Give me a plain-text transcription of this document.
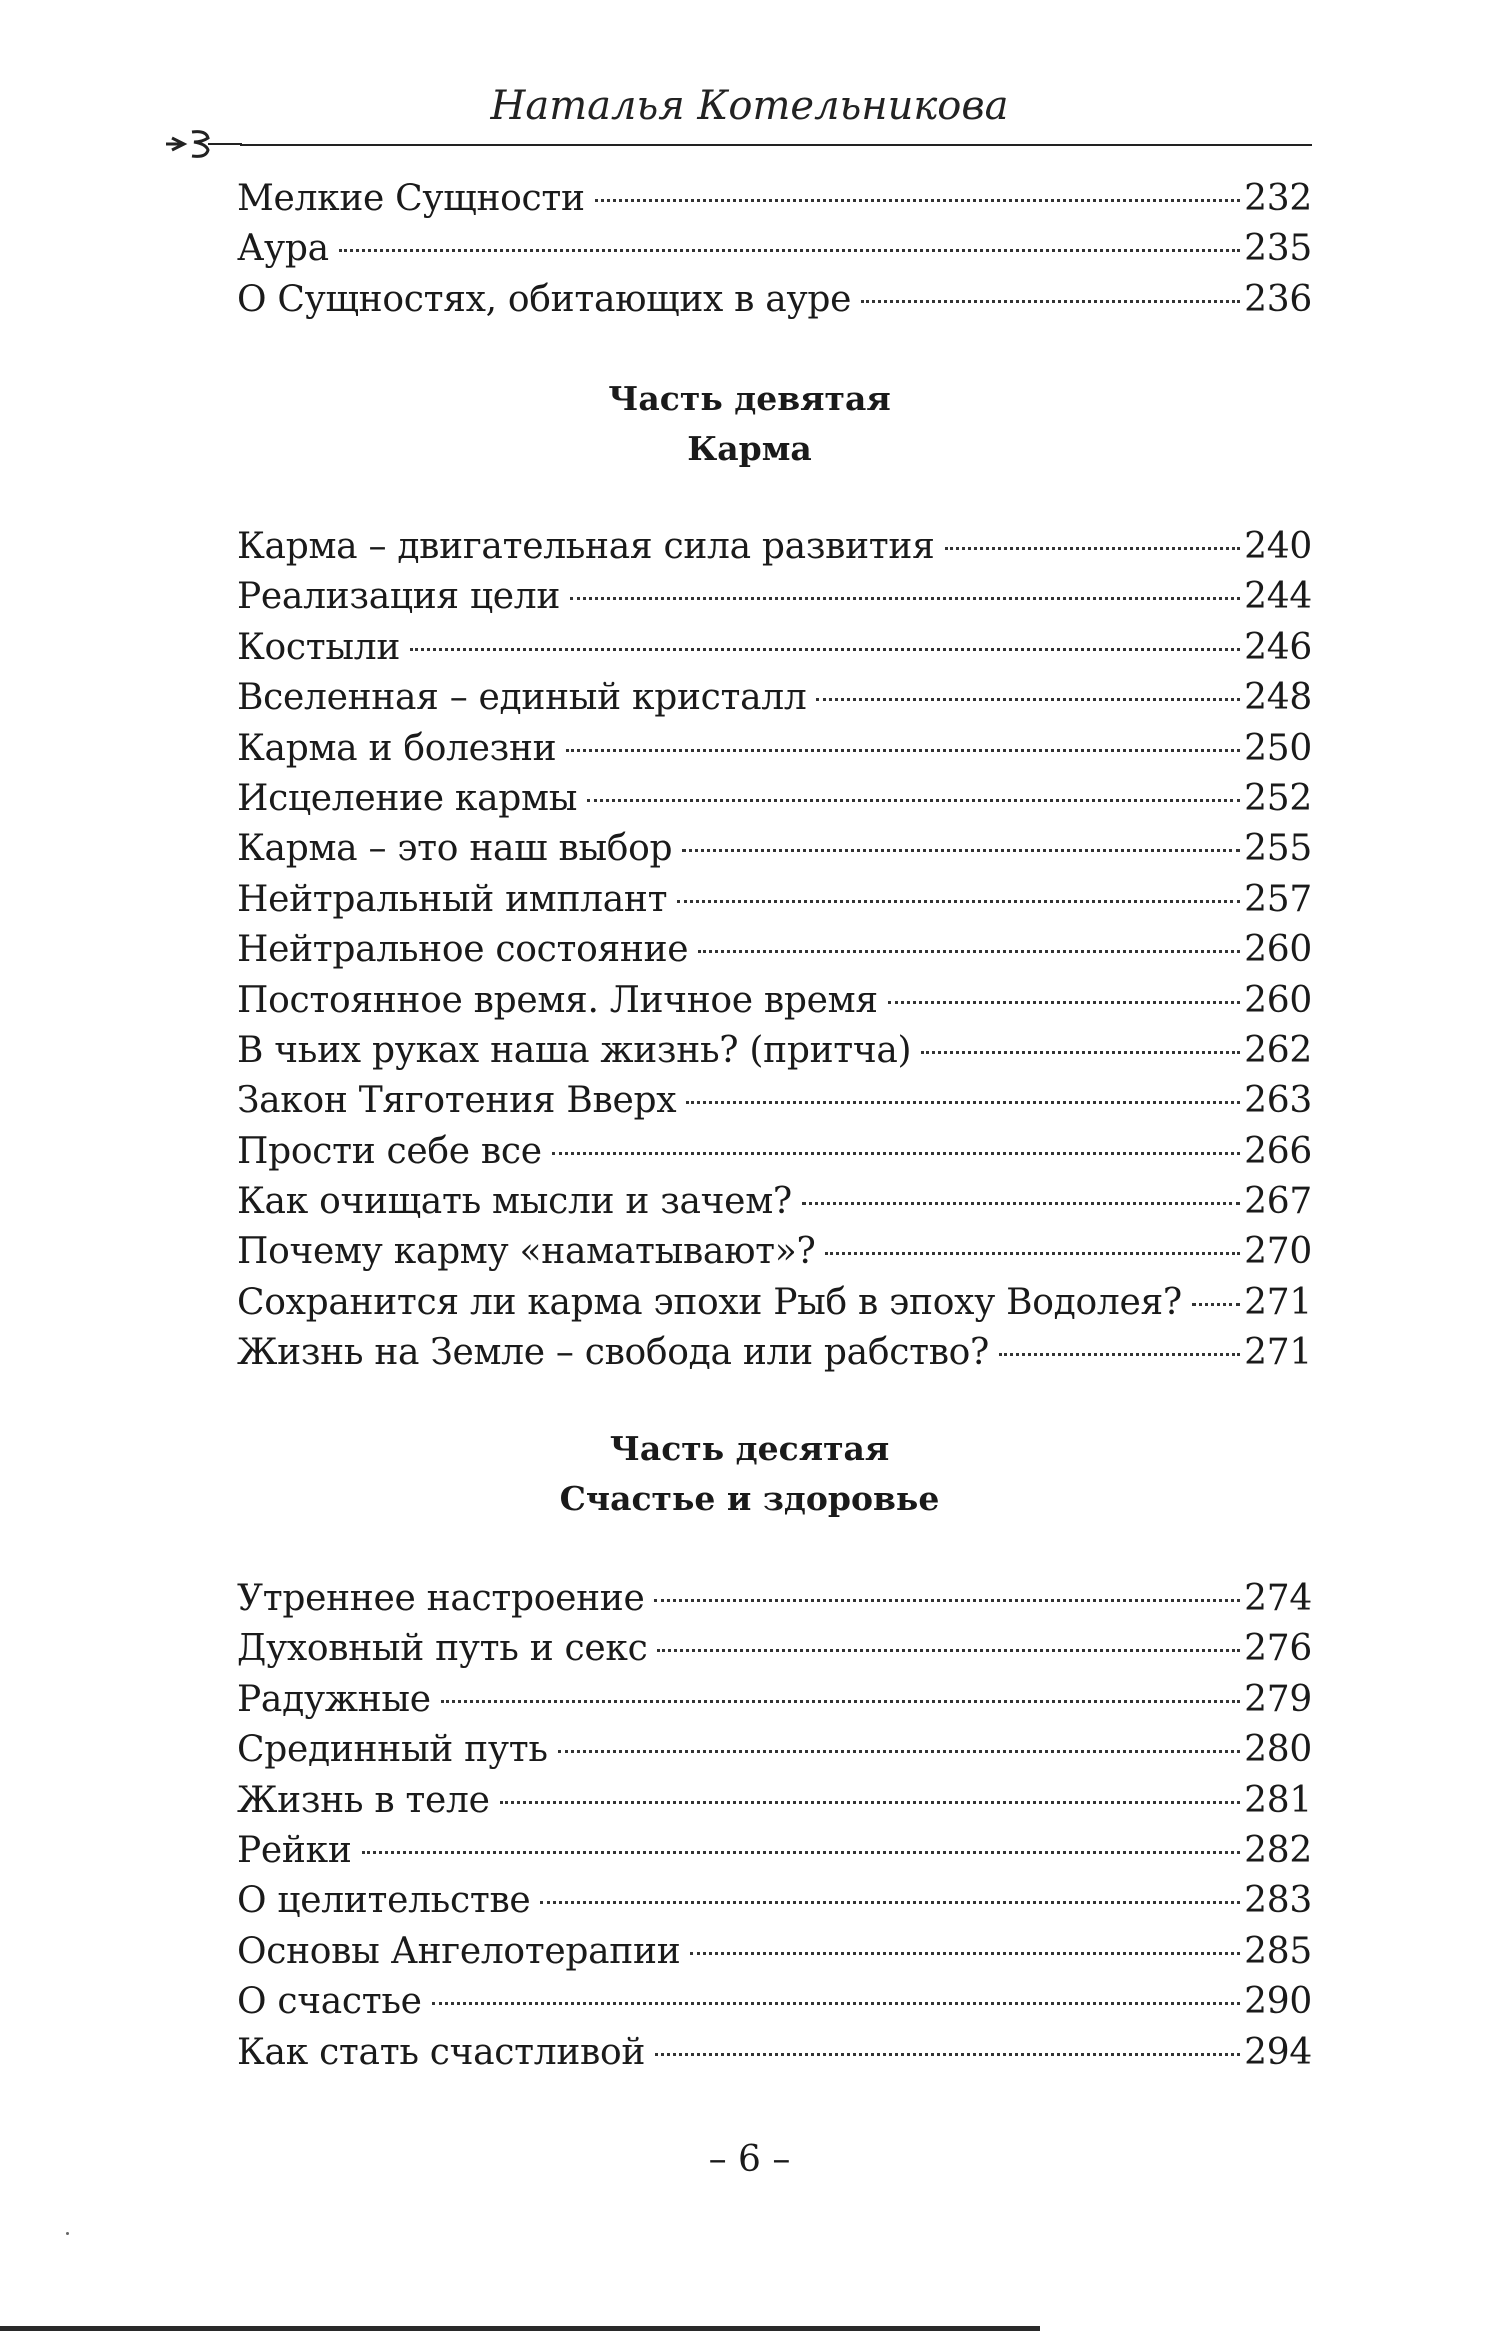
Наталья Котельникова
Мелкие Сущности	232
Аура	235
О Сущностях, обитающих в ауре	236
Часть девятая
Карма
Карма – двигательная сила развития	240
Реализация цели	244
Костыли	246
Вселенная – единый кристалл	248
Карма и болезни	250
Исцеление кармы	252
Карма – это наш выбор	255
Нейтральный имплант	257
Нейтральное состояние	260
Постоянное время. Личное время	260
В чьих руках наша жизнь? (притча)	262
Закон Тяготения Вверх	263
Прости себе все	266
Как очищать мысли и зачем?	267
Почему карму «наматывают»?	270
Сохранится ли карма эпохи Рыб в эпоху Водолея? 271
Жизнь на Земле – свобода или рабство?	271
Часть десятая
Счастье и здоровье
Утреннее настроение	274
Духовный путь и секс	276
Радужные	279
Срединный путь	280
Жизнь в теле	281
Рейки	282
О целительстве	283
Основы Ангелотерапии	285
О счастье	290
Как стать счастливой	294
– 6 –
